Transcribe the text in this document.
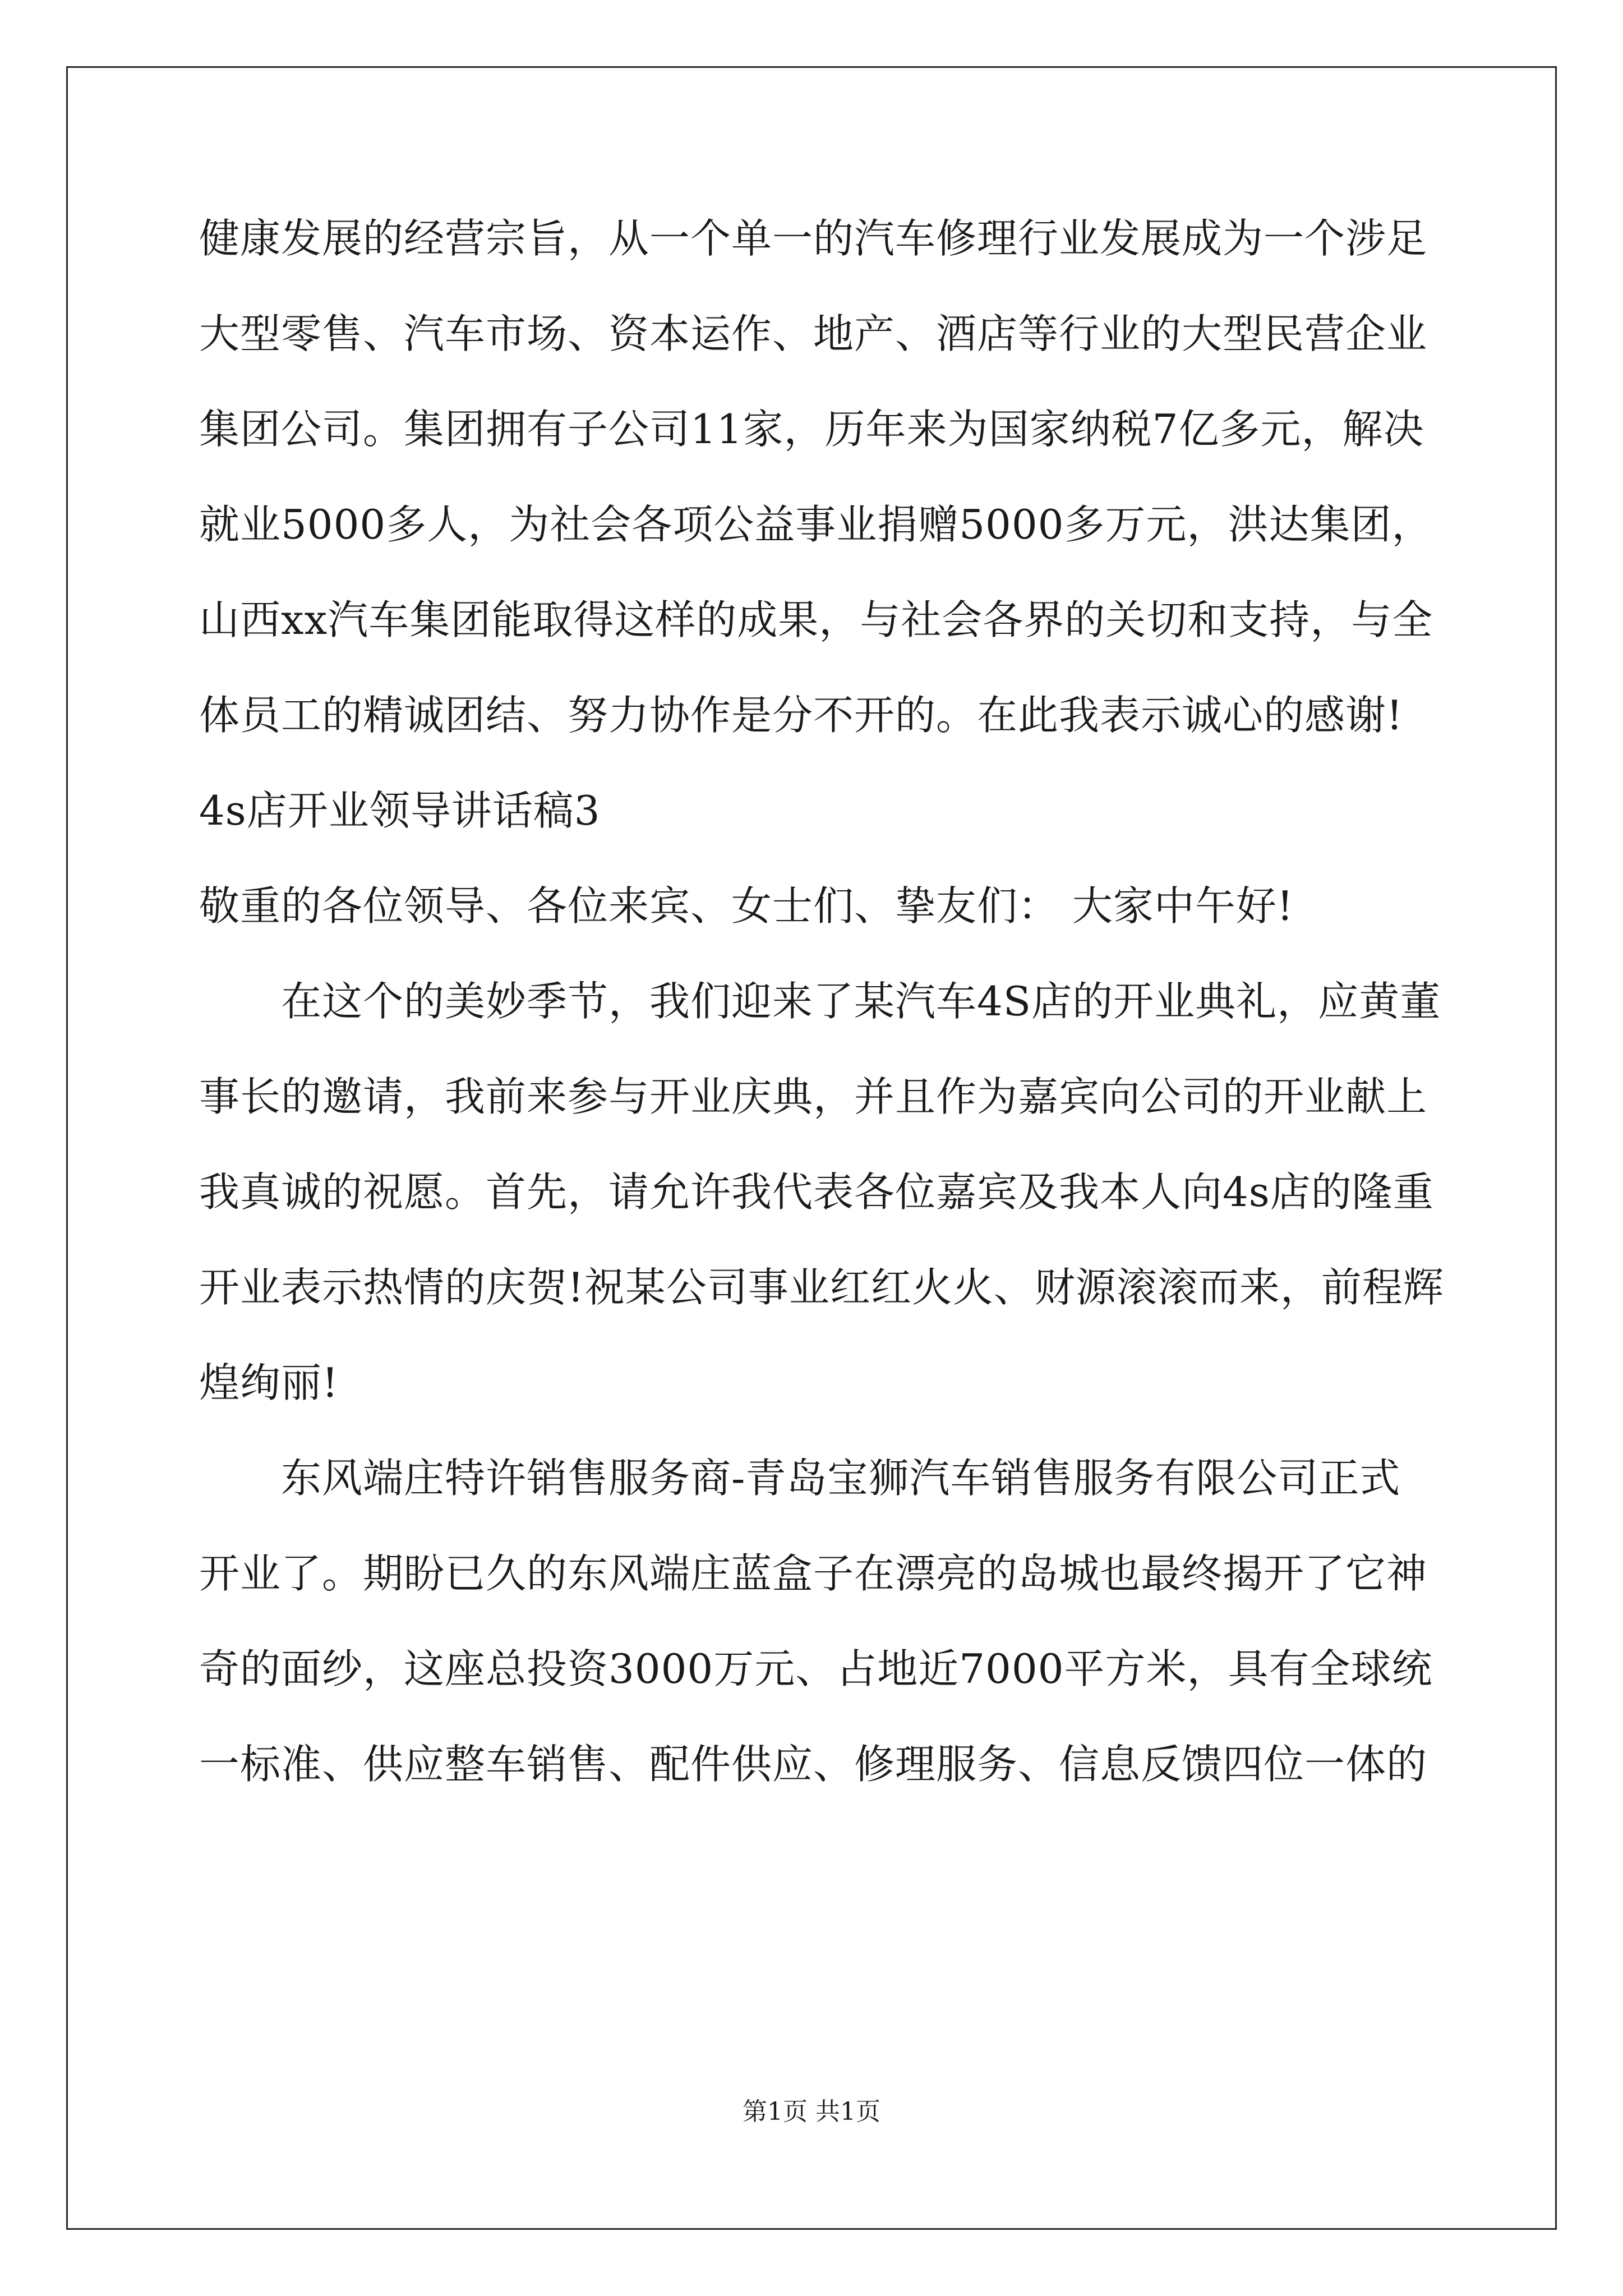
健康发展的经营宗旨，从一个单一的汽车修理行业发展成为一个涉足
大型零售、汽车市场、资本运作、地产、酒店等行业的大型民营企业
集团公司。集团拥有子公司11家，历年来为国家纳税7亿多元，解决
就业5000多人，为社会各项公益事业捐赠5000多万元，洪达集团，
山西xx汽车集团能取得这样的成果，与社会各界的关切和支持，与全
体员工的精诚团结、努力协作是分不开的。在此我表示诚心的感谢!
4s店开业领导讲话稿3
敬重的各位领导、各位来宾、女士们、挚友们： 大家中午好!
　　在这个的美妙季节，我们迎来了某汽车4S店的开业典礼，应黄董
事长的邀请，我前来参与开业庆典，并且作为嘉宾向公司的开业献上
我真诚的祝愿。首先，请允许我代表各位嘉宾及我本人向4s店的隆重
开业表示热情的庆贺!祝某公司事业红红火火、财源滚滚而来，前程辉
煌绚丽!
　　东风端庄特许销售服务商-青岛宝狮汽车销售服务有限公司正式
开业了。期盼已久的东风端庄蓝盒子在漂亮的岛城也最终揭开了它神
奇的面纱，这座总投资3000万元、占地近7000平方米，具有全球统
一标准、供应整车销售、配件供应、修理服务、信息反馈四位一体的
第1页 共1页
